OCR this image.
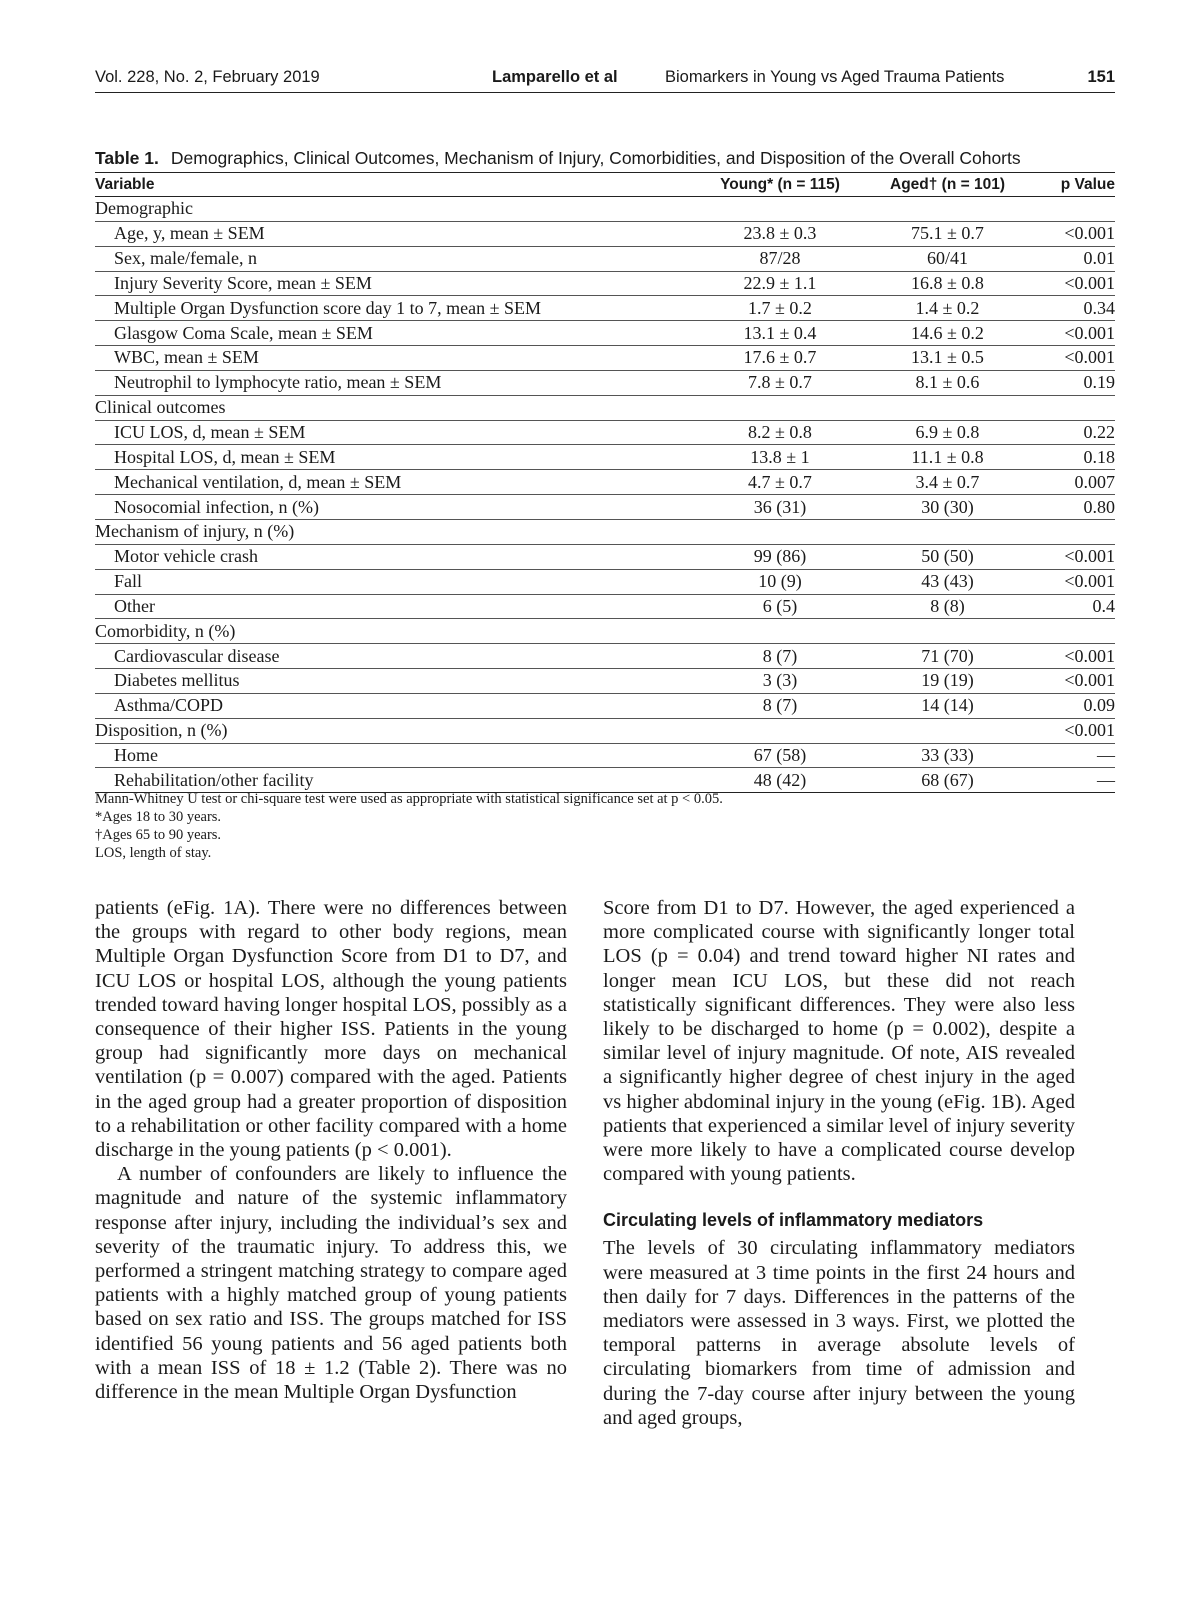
Vol. 228, No. 2, February 2019	Lamparello et al	Biomarkers in Young vs Aged Trauma Patients	151
Table 1. Demographics, Clinical Outcomes, Mechanism of Injury, Comorbidities, and Disposition of the Overall Cohorts
Variable	Young* (n = 115)	Aged† (n = 101)	p Value
Demographic			
Age, y, mean ± SEM	23.8 ± 0.3	75.1 ± 0.7	<0.001
Sex, male/female, n	87/28	60/41	0.01
Injury Severity Score, mean ± SEM	22.9 ± 1.1	16.8 ± 0.8	<0.001
Multiple Organ Dysfunction score day 1 to 7, mean ± SEM	1.7 ± 0.2	1.4 ± 0.2	0.34
Glasgow Coma Scale, mean ± SEM	13.1 ± 0.4	14.6 ± 0.2	<0.001
WBC, mean ± SEM	17.6 ± 0.7	13.1 ± 0.5	<0.001
Neutrophil to lymphocyte ratio, mean ± SEM	7.8 ± 0.7	8.1 ± 0.6	0.19
Clinical outcomes			
ICU LOS, d, mean ± SEM	8.2 ± 0.8	6.9 ± 0.8	0.22
Hospital LOS, d, mean ± SEM	13.8 ± 1	11.1 ± 0.8	0.18
Mechanical ventilation, d, mean ± SEM	4.7 ± 0.7	3.4 ± 0.7	0.007
Nosocomial infection, n (%)	36 (31)	30 (30)	0.80
Mechanism of injury, n (%)			
Motor vehicle crash	99 (86)	50 (50)	<0.001
Fall	10 (9)	43 (43)	<0.001
Other	6 (5)	8 (8)	0.4
Comorbidity, n (%)			
Cardiovascular disease	8 (7)	71 (70)	<0.001
Diabetes mellitus	3 (3)	19 (19)	<0.001
Asthma/COPD	8 (7)	14 (14)	0.09
Disposition, n (%)			<0.001
Home	67 (58)	33 (33)	—
Rehabilitation/other facility	48 (42)	68 (67)	—
Mann-Whitney U test or chi-square test were used as appropriate with statistical significance set at p < 0.05.
*Ages 18 to 30 years.
†Ages 65 to 90 years.
LOS, length of stay.

patients (eFig. 1A). There were no differences between the groups with regard to other body regions, mean Multiple Organ Dysfunction Score from D1 to D7, and ICU LOS or hospital LOS, although the young patients trended toward having longer hospital LOS, possibly as a consequence of their higher ISS. Patients in the young group had significantly more days on mechanical ventilation (p = 0.007) compared with the aged. Patients in the aged group had a greater proportion of disposition to a rehabilitation or other facility compared with a home discharge in the young patients (p < 0.001).

A number of confounders are likely to influence the magnitude and nature of the systemic inflammatory response after injury, including the individual’s sex and severity of the traumatic injury. To address this, we performed a stringent matching strategy to compare aged patients with a highly matched group of young patients based on sex ratio and ISS. The groups matched for ISS identified 56 young patients and 56 aged patients both with a mean ISS of 18 ± 1.2 (Table 2). There was no difference in the mean Multiple Organ Dysfunction

Score from D1 to D7. However, the aged experienced a more complicated course with significantly longer total LOS (p = 0.04) and trend toward higher NI rates and longer mean ICU LOS, but these did not reach statistically significant differences. They were also less likely to be discharged to home (p = 0.002), despite a similar level of injury magnitude. Of note, AIS revealed a significantly higher degree of chest injury in the aged vs higher abdominal injury in the young (eFig. 1B). Aged patients that experienced a similar level of injury severity were more likely to have a complicated course develop compared with young patients.

Circulating levels of inflammatory mediators

The levels of 30 circulating inflammatory mediators were measured at 3 time points in the first 24 hours and then daily for 7 days. Differences in the patterns of the mediators were assessed in 3 ways. First, we plotted the temporal patterns in average absolute levels of circulating biomarkers from time of admission and during the 7-day course after injury between the young and aged groups,
